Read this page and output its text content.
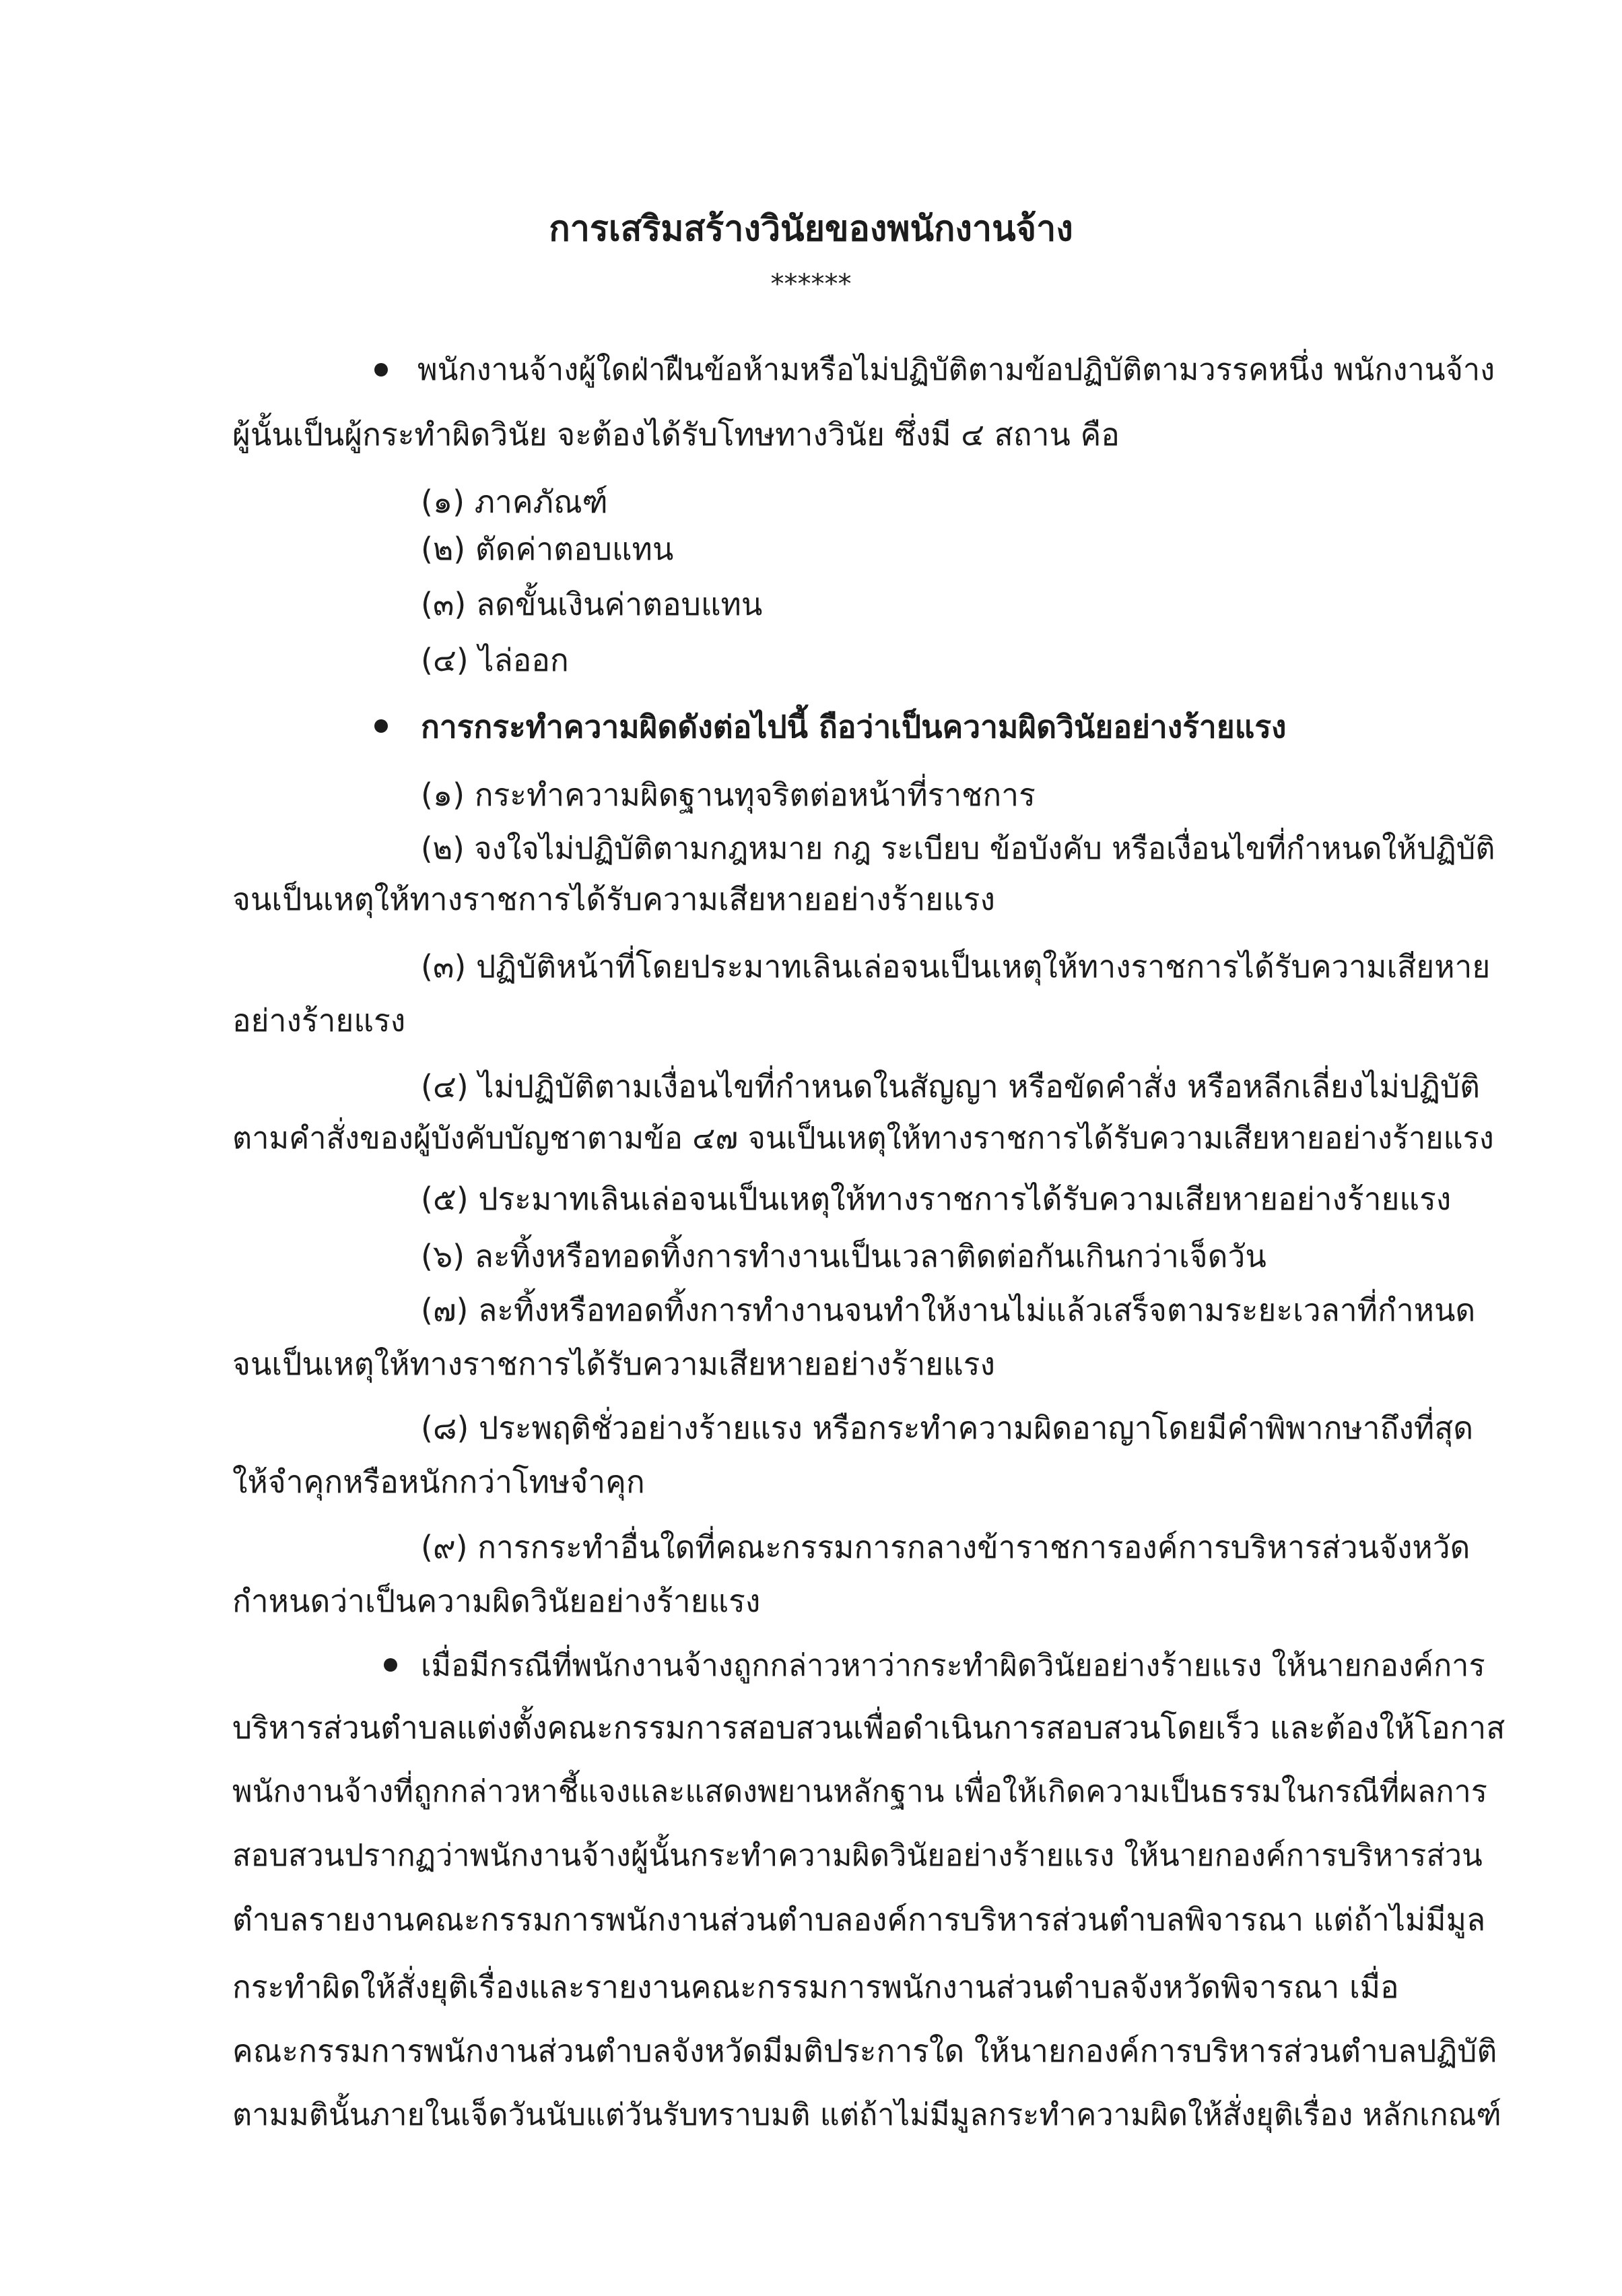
การเสริมสร้างวินัยของพนักงานจ้าง
******
พนักงานจ้างผู้ใดฝ่าฝืนข้อห้ามหรือไม่ปฏิบัติตามข้อปฏิบัติตามวรรคหนึ่ง พนักงานจ้าง
ผู้นั้นเป็นผู้กระทำผิดวินัย จะต้องได้รับโทษทางวินัย ซึ่งมี ๔ สถาน คือ
(๑) ภาคภัณฑ์
(๒) ตัดค่าตอบแทน
(๓) ลดขั้นเงินค่าตอบแทน
(๔) ไล่ออก
การกระทำความผิดดังต่อไปนี้ ถือว่าเป็นความผิดวินัยอย่างร้ายแรง
(๑) กระทำความผิดฐานทุจริตต่อหน้าที่ราชการ
(๒) จงใจไม่ปฏิบัติตามกฎหมาย กฎ ระเบียบ ข้อบังคับ หรือเงื่อนไขที่กำหนดให้ปฏิบัติ
จนเป็นเหตุให้ทางราชการได้รับความเสียหายอย่างร้ายแรง
(๓) ปฏิบัติหน้าที่โดยประมาทเลินเล่อจนเป็นเหตุให้ทางราชการได้รับความเสียหาย
อย่างร้ายแรง
(๔) ไม่ปฏิบัติตามเงื่อนไขที่กำหนดในสัญญา หรือขัดคำสั่ง หรือหลีกเลี่ยงไม่ปฏิบัติ
ตามคำสั่งของผู้บังคับบัญชาตามข้อ ๔๗ จนเป็นเหตุให้ทางราชการได้รับความเสียหายอย่างร้ายแรง
(๕) ประมาทเลินเล่อจนเป็นเหตุให้ทางราชการได้รับความเสียหายอย่างร้ายแรง
(๖) ละทิ้งหรือทอดทิ้งการทำงานเป็นเวลาติดต่อกันเกินกว่าเจ็ดวัน
(๗) ละทิ้งหรือทอดทิ้งการทำงานจนทำให้งานไม่แล้วเสร็จตามระยะเวลาที่กำหนด
จนเป็นเหตุให้ทางราชการได้รับความเสียหายอย่างร้ายแรง
(๘) ประพฤติชั่วอย่างร้ายแรง หรือกระทำความผิดอาญาโดยมีคำพิพากษาถึงที่สุด
ให้จำคุกหรือหนักกว่าโทษจำคุก
(๙) การกระทำอื่นใดที่คณะกรรมการกลางข้าราชการองค์การบริหารส่วนจังหวัด
กำหนดว่าเป็นความผิดวินัยอย่างร้ายแรง
เมื่อมีกรณีที่พนักงานจ้างถูกกล่าวหาว่ากระทำผิดวินัยอย่างร้ายแรง ให้นายกองค์การ
บริหารส่วนตำบลแต่งตั้งคณะกรรมการสอบสวนเพื่อดำเนินการสอบสวนโดยเร็ว และต้องให้โอกาส
พนักงานจ้างที่ถูกกล่าวหาชี้แจงและแสดงพยานหลักฐาน เพื่อให้เกิดความเป็นธรรมในกรณีที่ผลการ
สอบสวนปรากฏว่าพนักงานจ้างผู้นั้นกระทำความผิดวินัยอย่างร้ายแรง ให้นายกองค์การบริหารส่วน
ตำบลรายงานคณะกรรมการพนักงานส่วนตำบลองค์การบริหารส่วนตำบลพิจารณา แต่ถ้าไม่มีมูล
กระทำผิดให้สั่งยุติเรื่องและรายงานคณะกรรมการพนักงานส่วนตำบลจังหวัดพิจารณา เมื่อ
คณะกรรมการพนักงานส่วนตำบลจังหวัดมีมติประการใด ให้นายกองค์การบริหารส่วนตำบลปฏิบัติ
ตามมตินั้นภายในเจ็ดวันนับแต่วันรับทราบมติ แต่ถ้าไม่มีมูลกระทำความผิดให้สั่งยุติเรื่อง หลักเกณฑ์
